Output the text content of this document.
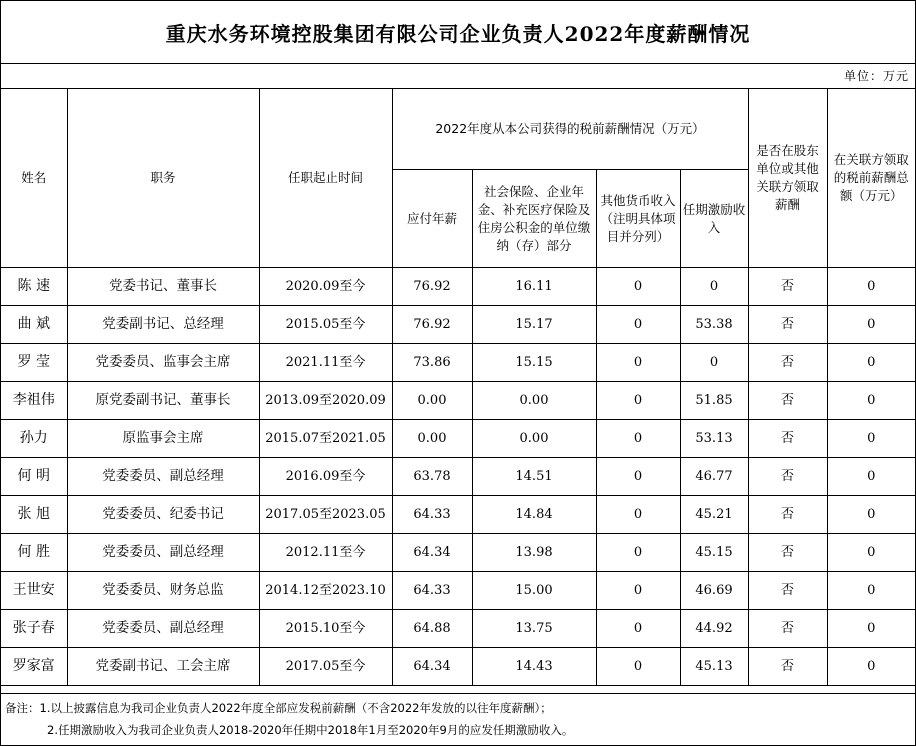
重庆水务环境控股集团有限公司企业负责人2022年度薪酬情况
单位：万元
姓名	职务	任职起止时间	2022年度从本公司获得的税前薪酬情况（万元）				是否在股东单位或其他关联方领取薪酬	在关联方领取的税前薪酬总额（万元）
			应付年薪	社会保险、企业年金、补充医疗保险及住房公积金的单位缴纳（存）部分	其他货币收入（注明具体项目并分列）	任期激励收入		
陈 速	党委书记、董事长	2020.09至今	76.92	16.11	0	0	否	0
曲 斌	党委副书记、总经理	2015.05至今	76.92	15.17	0	53.38	否	0
罗 莹	党委委员、监事会主席	2021.11至今	73.86	15.15	0	0	否	0
李祖伟	原党委副书记、董事长	2013.09至2020.09	0.00	0.00	0	51.85	否	0
孙力	原监事会主席	2015.07至2021.05	0.00	0.00	0	53.13	否	0
何 明	党委委员、副总经理	2016.09至今	63.78	14.51	0	46.77	否	0
张 旭	党委委员、纪委书记	2017.05至2023.05	64.33	14.84	0	45.21	否	0
何 胜	党委委员、副总经理	2012.11至今	64.34	13.98	0	45.15	否	0
王世安	党委委员、财务总监	2014.12至2023.10	64.33	15.00	0	46.69	否	0
张子春	党委委员、副总经理	2015.10至今	64.88	13.75	0	44.92	否	0
罗家富	党委副书记、工会主席	2017.05至今	64.34	14.43	0	45.13	否	0
备注：1.以上披露信息为我司企业负责人2022年度全部应发税前薪酬（不含2022年发放的以往年度薪酬）；
2.任期激励收入为我司企业负责人2018-2020年任期中2018年1月至2020年9月的应发任期激励收入。
